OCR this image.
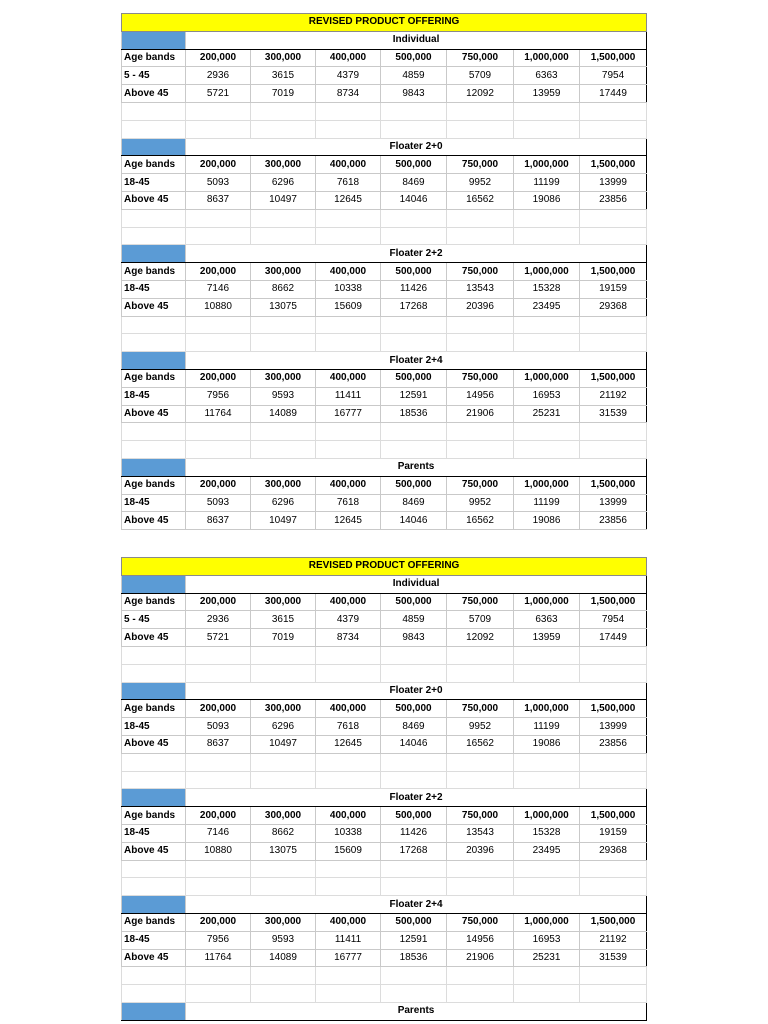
REVISED PRODUCT OFFERING							
	Individual						
Age bands	200,000	300,000	400,000	500,000	750,000	1,000,000	1,500,000
5 - 45	2936	3615	4379	4859	5709	6363	7954
Above 45	5721	7019	8734	9843	12092	13959	17449

	Floater 2+0						
Age bands	200,000	300,000	400,000	500,000	750,000	1,000,000	1,500,000
18-45	5093	6296	7618	8469	9952	11199	13999
Above 45	8637	10497	12645	14046	16562	19086	23856

	Floater 2+2						
Age bands	200,000	300,000	400,000	500,000	750,000	1,000,000	1,500,000
18-45	7146	8662	10338	11426	13543	15328	19159
Above 45	10880	13075	15609	17268	20396	23495	29368

	Floater 2+4						
Age bands	200,000	300,000	400,000	500,000	750,000	1,000,000	1,500,000
18-45	7956	9593	11411	12591	14956	16953	21192
Above 45	11764	14089	16777	18536	21906	25231	31539

	Parents						
Age bands	200,000	300,000	400,000	500,000	750,000	1,000,000	1,500,000
18-45	5093	6296	7618	8469	9952	11199	13999
Above 45	8637	10497	12645	14046	16562	19086	23856
REVISED PRODUCT OFFERING							
	Individual						
Age bands	200,000	300,000	400,000	500,000	750,000	1,000,000	1,500,000
5 - 45	2936	3615	4379	4859	5709	6363	7954
Above 45	5721	7019	8734	9843	12092	13959	17449

	Floater 2+0						
Age bands	200,000	300,000	400,000	500,000	750,000	1,000,000	1,500,000
18-45	5093	6296	7618	8469	9952	11199	13999
Above 45	8637	10497	12645	14046	16562	19086	23856

	Floater 2+2						
Age bands	200,000	300,000	400,000	500,000	750,000	1,000,000	1,500,000
18-45	7146	8662	10338	11426	13543	15328	19159
Above 45	10880	13075	15609	17268	20396	23495	29368

	Floater 2+4						
Age bands	200,000	300,000	400,000	500,000	750,000	1,000,000	1,500,000
18-45	7956	9593	11411	12591	14956	16953	21192
Above 45	11764	14089	16777	18536	21906	25231	31539

	Parents						
